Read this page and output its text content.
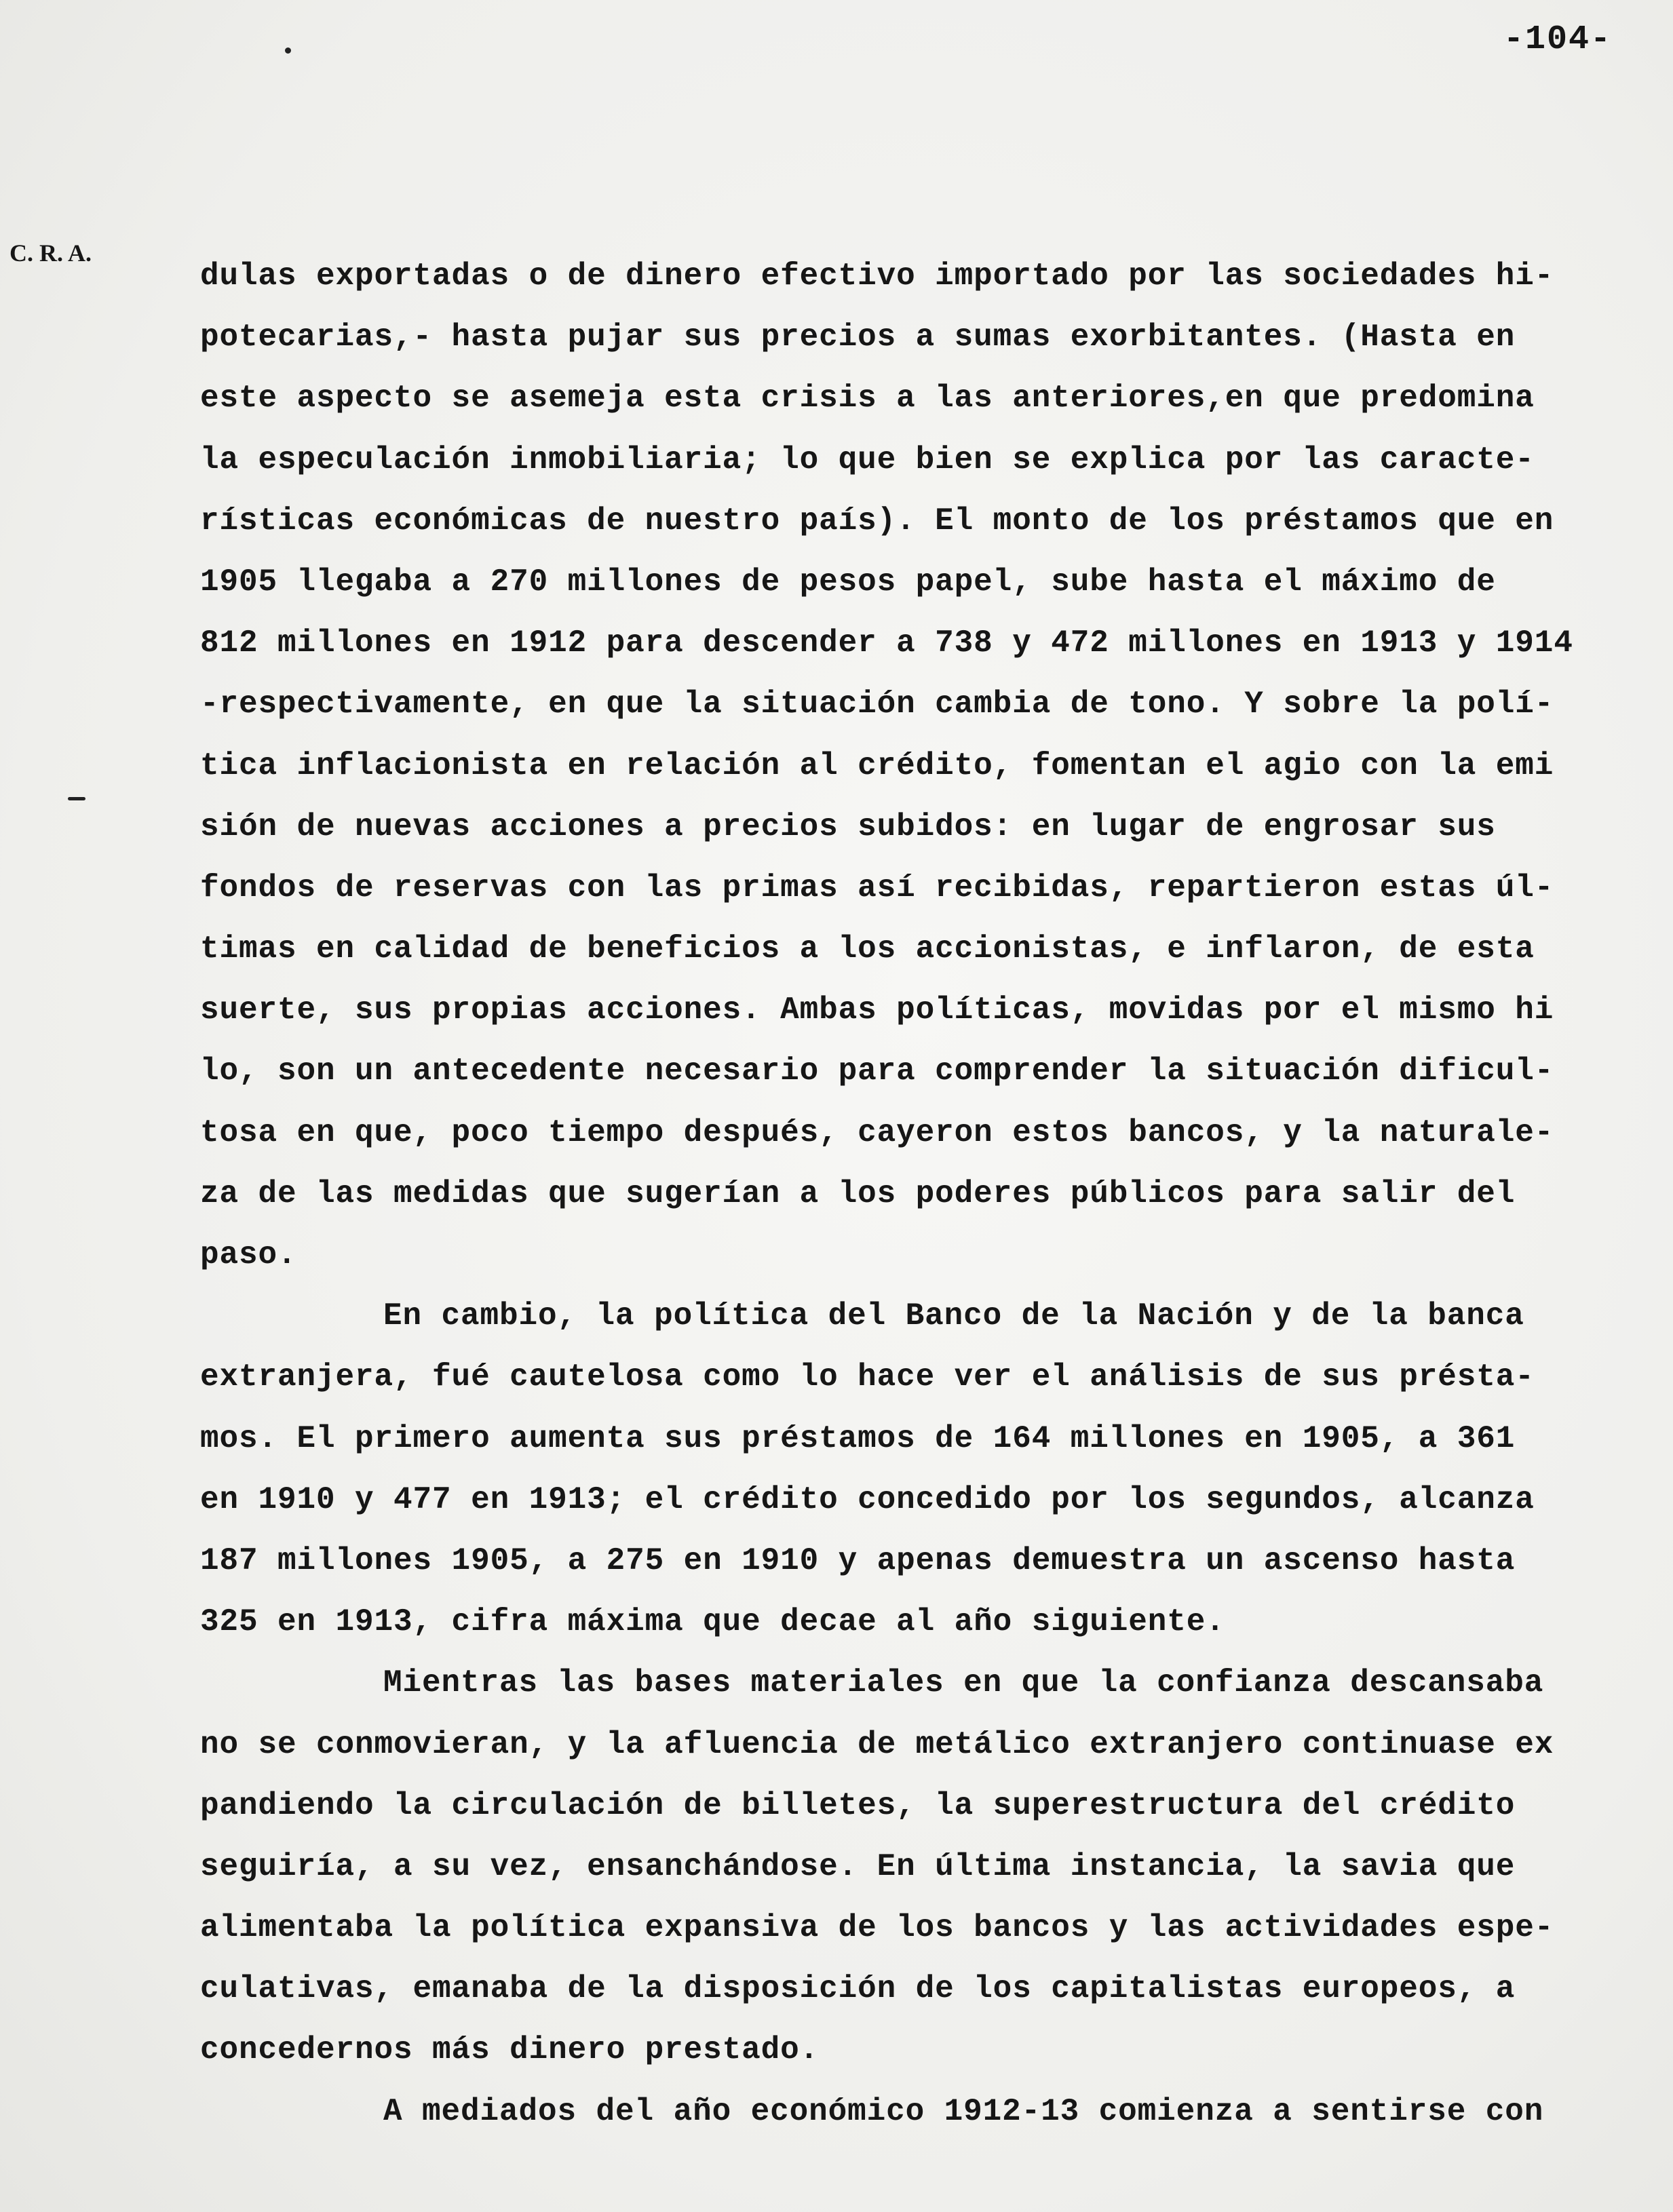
-104-
C. R. A.
dulas exportadas o de dinero efectivo importado por las sociedades hi-
potecarias,- hasta pujar sus precios a sumas exorbitantes. (Hasta en
este aspecto se asemeja esta crisis a las anteriores,en que predomina
la especulación inmobiliaria; lo que bien se explica por las caracte-
rísticas económicas de nuestro país). El monto de los préstamos que en
1905 llegaba a 270 millones de pesos papel, sube hasta el máximo de
812 millones en 1912 para descender a 738 y 472 millones en 1913 y 1914
-respectivamente, en que la situación cambia de tono. Y sobre la polí-
tica inflacionista en relación al crédito, fomentan el agio con la emi
sión de nuevas acciones a precios subidos: en lugar de engrosar sus
fondos de reservas con las primas así recibidas, repartieron estas úl-
timas en calidad de beneficios a los accionistas, e inflaron, de esta
suerte, sus propias acciones. Ambas políticas, movidas por el mismo hi
lo, son un antecedente necesario para comprender la situación dificul-
tosa en que, poco tiempo después, cayeron estos bancos, y la naturale-
za de las medidas que sugerían a los poderes públicos para salir del
paso.
En cambio, la política del Banco de la Nación y de la banca
extranjera, fué cautelosa como lo hace ver el análisis de sus présta-
mos. El primero aumenta sus préstamos de 164 millones en 1905, a 361
en 1910 y 477 en 1913; el crédito concedido por los segundos, alcanza
187 millones 1905, a 275 en 1910 y apenas demuestra un ascenso hasta
325 en 1913, cifra máxima que decae al año siguiente.
Mientras las bases materiales en que la confianza descansaba
no se conmovieran, y la afluencia de metálico extranjero continuase ex
pandiendo la circulación de billetes, la superestructura del crédito
seguiría, a su vez, ensanchándose. En última instancia, la savia que
alimentaba la política expansiva de los bancos y las actividades espe-
culativas, emanaba de la disposición de los capitalistas europeos, a
concedernos más dinero prestado.
A mediados del año económico 1912-13 comienza a sentirse con
